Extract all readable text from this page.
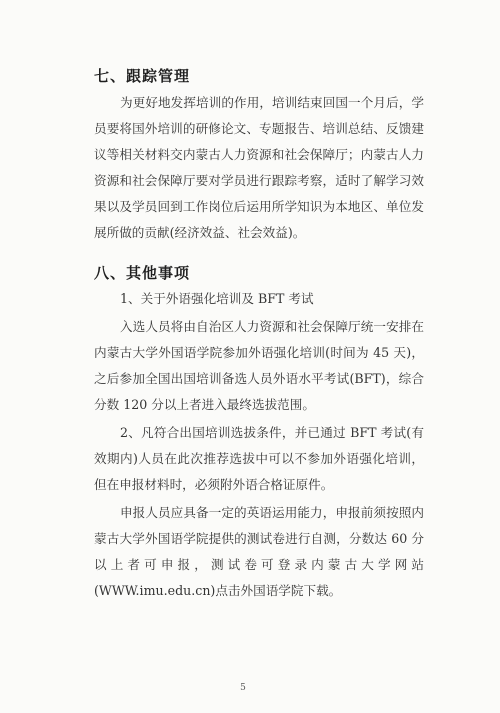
七、跟踪管理

为更好地发挥培训的作用，培训结束回国一个月后，学员要将国外培训的研修论文、专题报告、培训总结、反馈建议等相关材料交内蒙古人力资源和社会保障厅；内蒙古人力资源和社会保障厅要对学员进行跟踪考察，适时了解学习效果以及学员回到工作岗位后运用所学知识为本地区、单位发展所做的贡献(经济效益、社会效益)。

八、其他事项

1、关于外语强化培训及 BFT 考试

入选人员将由自治区人力资源和社会保障厅统一安排在内蒙古大学外国语学院参加外语强化培训(时间为 45 天)，之后参加全国出国培训备选人员外语水平考试(BFT)，综合分数 120 分以上者进入最终选拔范围。

2、凡符合出国培训选拔条件，并已通过 BFT 考试(有效期内)人员在此次推荐选拔中可以不参加外语强化培训，但在申报材料时，必须附外语合格证原件。

申报人员应具备一定的英语运用能力，申报前须按照内蒙古大学外国语学院提供的测试卷进行自测，分数达 60 分以上者可申报，测试卷可登录内蒙古大学网站(WWW.imu.edu.cn)点击外国语学院下载。

5
